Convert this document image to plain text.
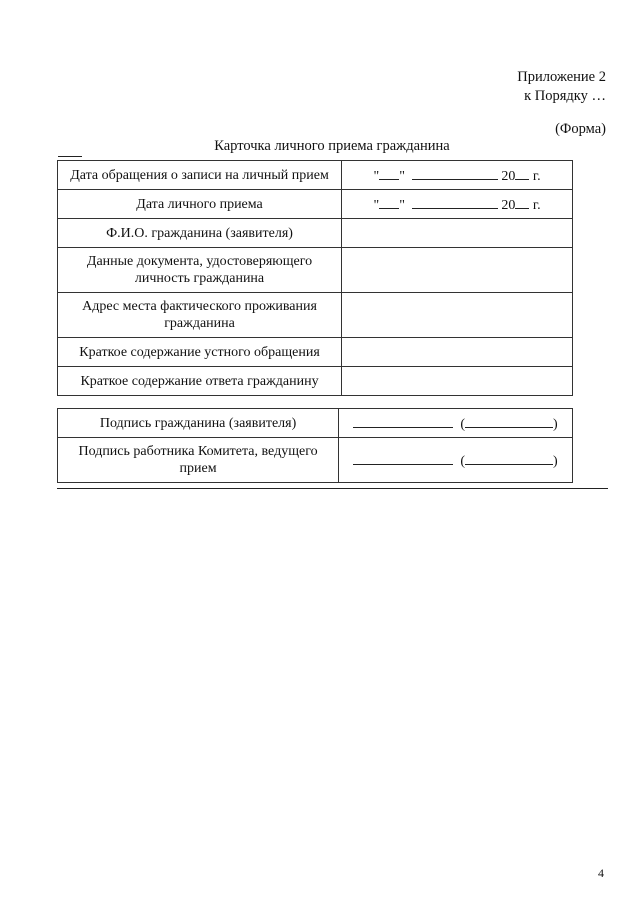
Приложение 2
к Порядку …
(Форма)
Карточка личного приема гражданина
Дата обращения о записи на личный прием	" " 20 г.
Дата личного приема	" " 20 г.
Ф.И.О. гражданина (заявителя)	
Данные документа, удостоверяющего личность гражданина	
Адрес места фактического проживания гражданина	
Краткое содержание устного обращения	
Краткое содержание ответа гражданину	
Подпись гражданина (заявителя)	( )
Подпись работника Комитета, ведущего прием	( )
4
